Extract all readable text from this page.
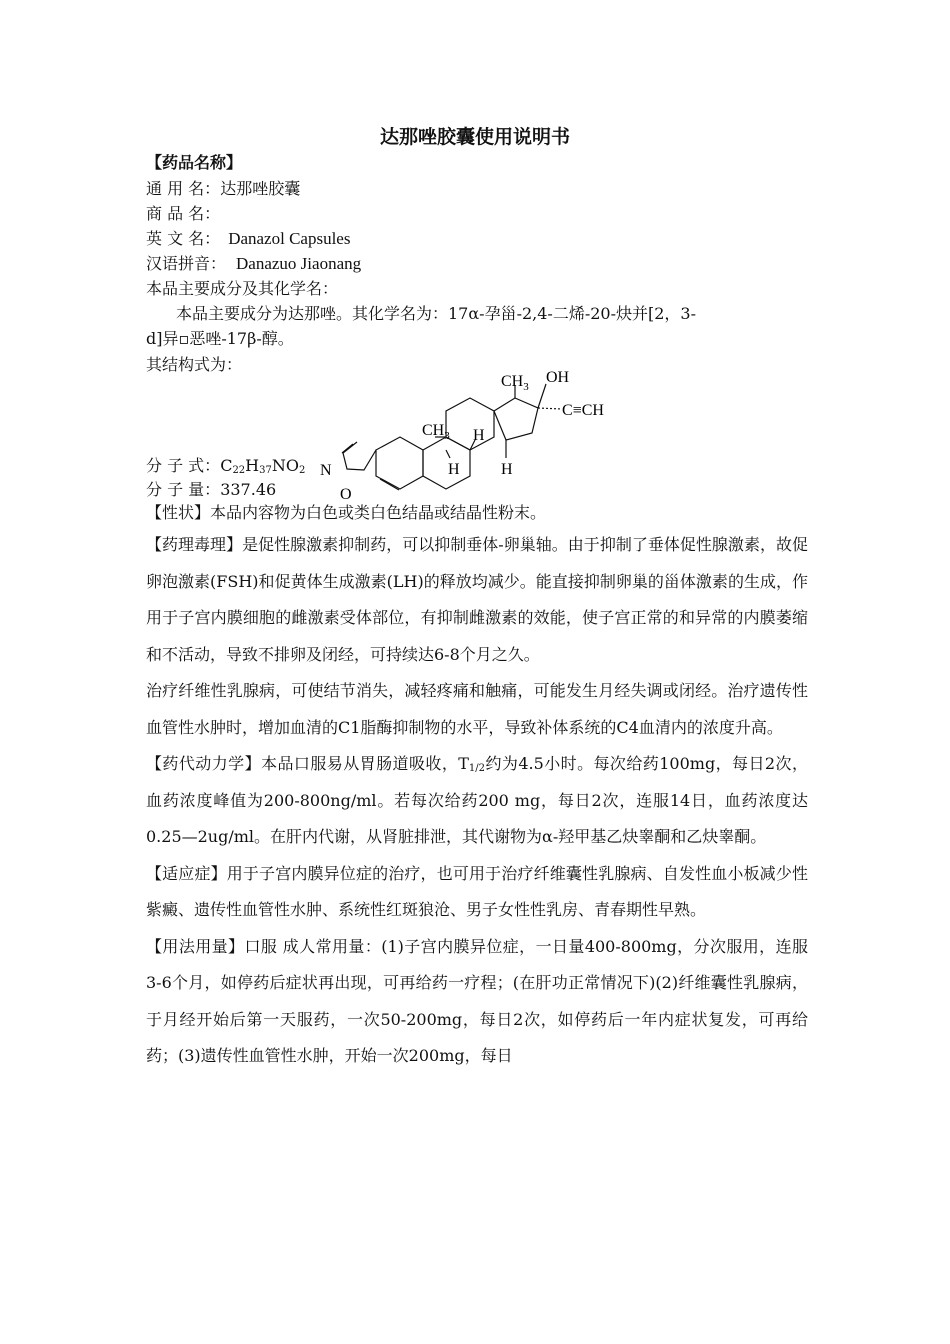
达那唑胶囊使用说明书
【药品名称】
通 用 名：达那唑胶囊
商 品 名：
英 文 名： Danazol Capsules
汉语拼音： Danazuo Jiaonang
本品主要成分及其化学名：
本品主要成分为达那唑。其化学名为：17α-孕甾-2,4-二烯-20-炔并[2，3-
d]异▫恶唑-17β-醇。
其结构式为：
$CH_3$
OH
C≡CH
$CH_3$ H
H	H
N
O
分 子 式：$C_{22}H_{37}NO_2$
分 子 量：337.46
【性状】本品内容物为白色或类白色结晶或结晶性粉末。

【药理毒理】是促性腺激素抑制药，可以抑制垂体-卵巢轴。由于抑制了垂体促性腺激素，故促卵泡激素(FSH)和促黄体生成激素(LH)的释放均减少。能直接抑制卵巢的甾体激素的生成，作用于子宫内膜细胞的雌激素受体部位，有抑制雌激素的效能，使子宫正常的和异常的内膜萎缩和不活动，导致不排卵及闭经，可持续达6-8个月之久。

治疗纤维性乳腺病，可使结节消失，减轻疼痛和触痛，可能发生月经失调或闭经。治疗遗传性血管性水肿时，增加血清的C1脂酶抑制物的水平，导致补体系统的C4血清内的浓度升高。

【药代动力学】本品口服易从胃肠道吸收，$T_{1/2}$约为4.5小时。每次给药100mg，每日2次，血药浓度峰值为200-800ng/ml。若每次给药200 mg，每日2次，连服14日，血药浓度达0.25—2ug/ml。在肝内代谢，从肾脏排泄，其代谢物为α-羟甲基乙炔睾酮和乙炔睾酮。

【适应症】用于子宫内膜异位症的治疗，也可用于治疗纤维囊性乳腺病、自发性血小板减少性紫癜、遗传性血管性水肿、系统性红斑狼沧、男子女性性乳房、青春期性早熟。

【用法用量】口服 成人常用量：(1)子宫内膜异位症，一日量400-800mg，分次服用，连服3-6个月，如停药后症状再出现，可再给药一疗程；(在肝功正常情况下)(2)纤维囊性乳腺病，于月经开始后第一天服药，一次50-200mg，每日2次，如停药后一年内症状复发，可再给药；(3)遗传性血管性水肿，开始一次200mg，每日
